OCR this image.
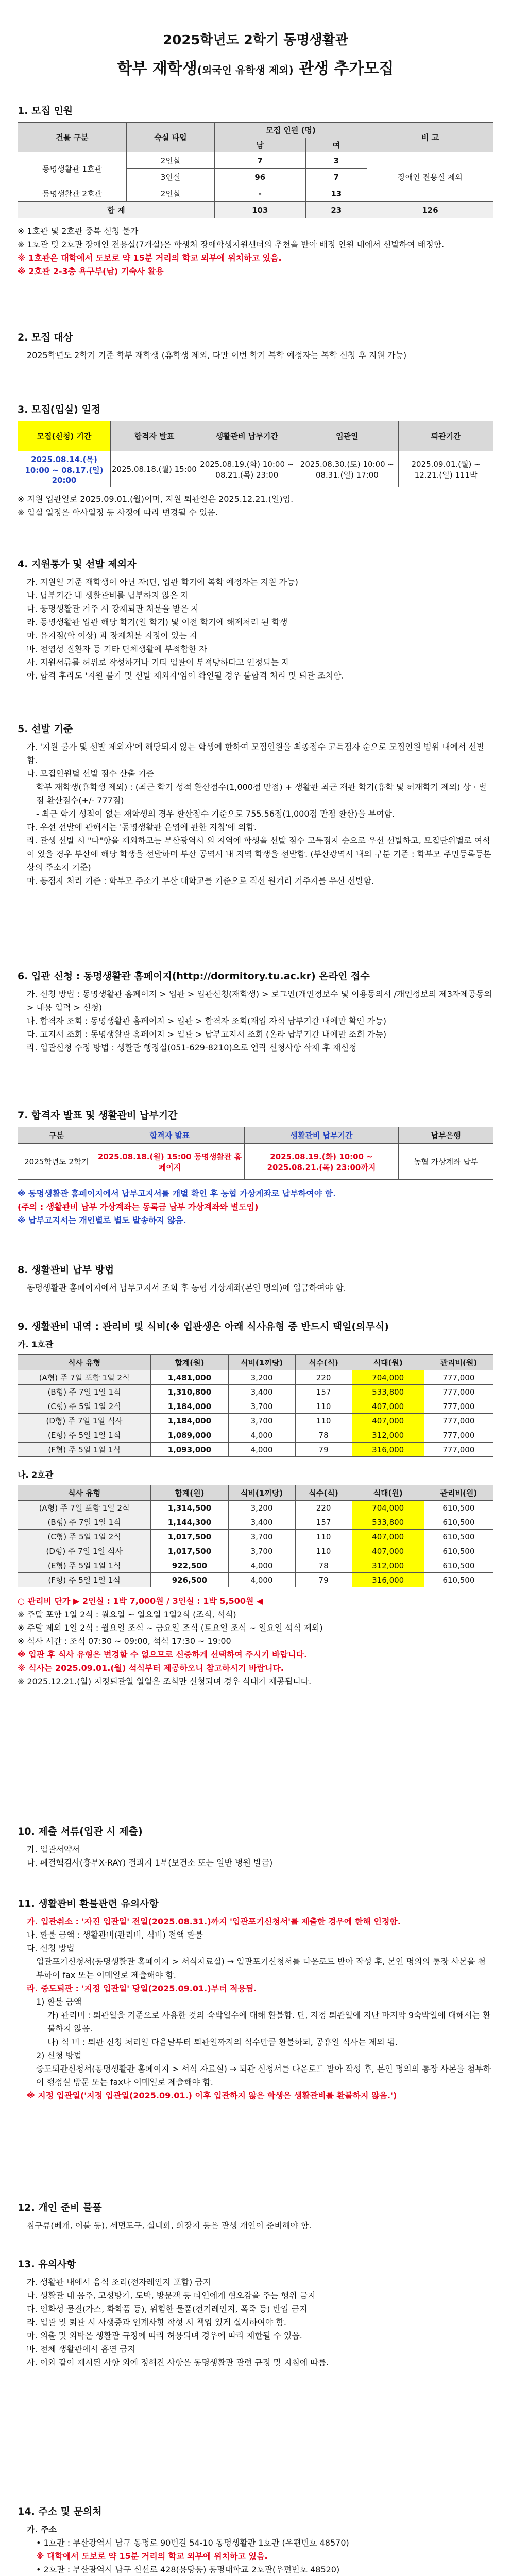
2025학년도 2학기 동명생활관
학부 재학생(외국인 유학생 제외) 관생 추가모집
1. 모집 인원
건물 구분	숙실 타입	모집 인원 (명)		비 고
		남	여	
동명생활관 1호관	2인실	7	3	장애인 전용실 제외
	3인실	96	7	
동명생활관 2호관	2인실	-	13	
합 계		103	23	126
※ 1호관 및 2호관 중복 신청 불가
※ 1호관 및 2호관 장애인 전용실(7개실)은 학생처 장애학생지원센터의 추천을 받아 배정 인원 내에서 선발하여 배정함.
※ 1호관은 대학에서 도보로 약 15분 거리의 학교 외부에 위치하고 있음.
※ 2호관 2-3층 욕구부(남) 기숙사 활용
2. 모집 대상
2025학년도 2학기 기준 학부 재학생 (휴학생 제외, 다만 이번 학기 복학 예정자는 복학 신청 후 지원 가능)
3. 모집(입실) 일정
모집(신청) 기간	합격자 발표	생활관비 납부기간	입관일	퇴관기간
2025.08.14.(목) 10:00 ~ 08.17.(일) 20:00	2025.08.18.(월) 15:00	2025.08.19.(화) 10:00 ~ 08.21.(목) 23:00	2025.08.30.(토) 10:00 ~ 08.31.(일) 17:00	2025.09.01.(월) ~ 12.21.(일) 111박
※ 지원 입관일로 2025.09.01.(월)이며, 지원 퇴관일은 2025.12.21.(일)임.
※ 입실 일정은 학사일정 등 사정에 따라 변경될 수 있음.
4. 지원통가 및 선발 제외자
가. 지원일 기준 재학생이 아닌 자(단, 입관 학기에 복학 예정자는 지원 가능)
나. 납부기간 내 생활관비를 납부하지 않은 자
다. 동명생활관 거주 시 강제퇴관 처분을 받은 자
라. 동명생활관 입관 해당 학기(일 학기) 및 이전 학기에 해제처리 된 학생
마. 유지점(학 이상) 과 장제처분 지정이 있는 자
바. 전염성 질환자 등 기타 단체생활에 부적합한 자
사. 지원서류를 허위로 작성하거나 기타 입관이 부적당하다고 인정되는 자
아. 합격 후라도 '지원 불가 및 선발 제외자'임이 확인될 경우 불합격 처리 및 퇴관 조치함.
5. 선발 기준
가. '지원 불가 및 선발 제외자'에 해당되지 않는 학생에 한하여 모집인원을 최종점수 고득점자 순으로 모집인원 범위 내에서 선발함.
나. 모집인원별 선발 점수 산출 기준
학부 재학생(휴학생 제외) : (최근 학기 성적 환산점수(1,000점 만점) + 생활관 최근 재관 학기(휴학 및 허재학기 제외) 상 · 벌점 환산점수(+/- 777점)
- 최근 학기 성적이 없는 재학생의 경우 환산점수 기준으로 755.56점(1,000점 만점 환산)을 부여함.
다. 우선 선발에 관해서는 '동명생활관 운영에 관한 지침'에 의함.
라. 관생 선발 시 "다"항을 제외하고는 부산광역시 외 지역에 학생을 선발 점수 고득점자 순으로 우선 선발하고, 모집단위별로 여석이 있을 경우 부산에 해당 학생을 선발하며 부산 공역시 내 지역 학생을 선발함. (부산광역시 내의 구분 기준 : 학부모 주민등록등본 상의 주소지 기준)
마. 동점자 처리 기준 : 학부모 주소가 부산 대학교를 기준으로 직선 원거리 거주자를 우선 선발함.
6. 입관 신청 : 동명생활관 홈페이지(http://dormitory.tu.ac.kr) 온라인 접수
가. 신청 방법 : 동명생활관 홈페이지 > 입관 > 입관신청(재학생) > 로그인(개인정보수 및 이용동의서 /개인정보의 제3자제공동의 > 내용 입력 > 신청)
나. 합격자 조회 : 동명생활관 홈페이지 > 입관 > 합격자 조회(재입 자식 납부기간 내에만 확인 가능)
다. 고지서 조회 : 동명생활관 홈페이지 > 입관 > 납부고지서 조회 (온라 납부기간 내에만 조회 가능)
라. 입관신청 수정 방법 : 생활관 행정실(051-629-8210)으로 연락 신청사항 삭제 후 재신청
7. 합격자 발표 및 생활관비 납부기간
구분	합격자 발표	생활관비 납부기간	납부은행
2025학년도 2학기	2025.08.18.(월) 15:00 동명생활관 홈페이지	2025.08.19.(화) 10:00 ~ 2025.08.21.(목) 23:00까지	농협 가상계좌 납부
※ 동명생활관 홈페이지에서 납부고지서를 개별 확인 후 농협 가상계좌로 납부하여야 함.
(주의 : 생활관비 납부 가상계좌는 동록금 납부 가상계좌와 별도임)
※ 납부고지서는 개인별로 별도 발송하지 않음.
8. 생활관비 납부 방법
동명생활관 홈페이지에서 납부고지서 조회 후 농협 가상계좌(본인 명의)에 입금하여야 함.
9. 생활관비 내역 : 관리비 및 식비(※ 입관생은 아래 식사유형 중 반드시 택일(의무식)
가. 1호관
식사 유형	합계(원)	식비(1끼당)	식수(식)	식대(원)	관리비(원)
(A형) 주 7일 포함 1일 2식	1,481,000	3,200	220	704,000	777,000
(B형) 주 7일 1일 1식	1,310,800	3,400	157	533,800	777,000
(C형) 주 5일 1일 2식	1,184,000	3,700	110	407,000	777,000
(D형) 주 7일 1일 식사	1,184,000	3,700	110	407,000	777,000
(E형) 주 5일 1일 1식	1,089,000	4,000	78	312,000	777,000
(F형) 주 5일 1일 1식	1,093,000	4,000	79	316,000	777,000
나. 2호관
식사 유형	합계(원)	식비(1끼당)	식수(식)	식대(원)	관리비(원)
(A형) 주 7일 포함 1일 2식	1,314,500	3,200	220	704,000	610,500
(B형) 주 7일 1일 1식	1,144,300	3,400	157	533,800	610,500
(C형) 주 5일 1일 2식	1,017,500	3,700	110	407,000	610,500
(D형) 주 7일 1일 식사	1,017,500	3,700	110	407,000	610,500
(E형) 주 5일 1일 1식	922,500	4,000	78	312,000	610,500
(F형) 주 5일 1일 1식	926,500	4,000	79	316,000	610,500
○ 관리비 단가 ▶ 2인실 : 1박 7,000원 / 3인실 : 1박 5,500원 ◀
※ 주말 포함 1일 2식 : 월요일 ~ 일요일 1일2식 (조식, 석식)
※ 주말 제외 1일 2식 : 월요일 조식 ~ 금요일 조식 (토요일 조식 ~ 일요일 석식 제외)
※ 식사 시간 : 조식 07:30 ~ 09:00, 석식 17:30 ~ 19:00
※ 입관 후 식사 유형은 변경할 수 없으므로 신중하게 선택하여 주시기 바랍니다.
※ 식사는 2025.09.01.(월) 석식부터 제공하오니 참고하시기 바랍니다.
※ 2025.12.21.(일) 지정퇴관일 일일은 조식만 신청되며 경우 식대가 제공됩니다.
10. 제출 서류(입관 시 제출)
가. 입관서약서
나. 폐결핵검사(흉부X-RAY) 결과지 1부(보건소 또는 일반 병원 발급)
11. 생활관비 환불관련 유의사항
가. 입관취소 : '자진 입관일' 전일(2025.08.31.)까지 '입관포기신청서'를 제출한 경우에 한해 인정함.
나. 환불 금액 : 생활관비(관리비, 식비) 전액 환불
다. 신청 방법
입관포기신청서(동명생활관 홈페이지 > 서식자료실) → 입관포기신청서를 다운로드 받아 작성 후, 본인 명의의 통장 사본을 첨부하여 fax 또는 이메일로 제출해야 함.
라. 중도퇴관 : '지정 입관일' 당일(2025.09.01.)부터 적용됨.
1) 환불 금액
가) 관리비 : 퇴관일을 기준으로 사용한 것의 숙박일수에 대해 환불함. 단, 지정 퇴관일에 지난 마지막 9숙박일에 대해서는 환불하지 않음.
나) 식 비 : 퇴관 신청 처리일 다음날부터 퇴관일까지의 식수만큼 환불하되, 공휴일 식사는 제외 됨.
2) 신청 방법
중도퇴관신청서(동명생활관 홈페이지 > 서식 자료실) → 퇴관 신청서를 다운로드 받아 작성 후, 본인 명의의 통장 사본을 첨부하여 행정실 방문 또는 fax나 이메일로 제출해야 함.
※ 지정 입관일('지정 입관일(2025.09.01.) 이후 입관하지 않은 학생은 생활관비를 환불하지 않음.')
12. 개인 준비 물품
침구류(베개, 이불 등), 세면도구, 실내화, 화장지 등은 관생 개인이 준비해야 함.
13. 유의사항
가. 생활관 내에서 음식 조리(전자레인지 포함) 금지
나. 생활관 내 음주, 고성방가, 도박, 방문객 등 타인에게 혐오감을 주는 행위 금지
다. 인화성 물질(가스, 화학품 등), 위험한 물품(전기레인지, 폭죽 등) 반입 금지
라. 입관 및 퇴관 시 사생증과 인계사항 작성 시 책임 있게 실시하여야 함.
마. 외출 및 외박은 생활관 규정에 따라 허용되며 경우에 따라 제한될 수 있음.
바. 전체 생활관에서 흡연 금지
사. 이와 같이 제시된 사항 외에 정해진 사항은 동명생활관 관련 규정 및 지침에 따름.
14. 주소 및 문의처
가. 주소
• 1호관 : 부산광역시 남구 동명로 90번길 54-10 동명생활관 1호관 (우편번호 48570)
※ 대학에서 도보로 약 15분 거리의 학교 외부에 위치하고 있음.
• 2호관 : 부산광역시 남구 신선로 428(용당동) 동명대학교 2호관(우편번호 48520)
